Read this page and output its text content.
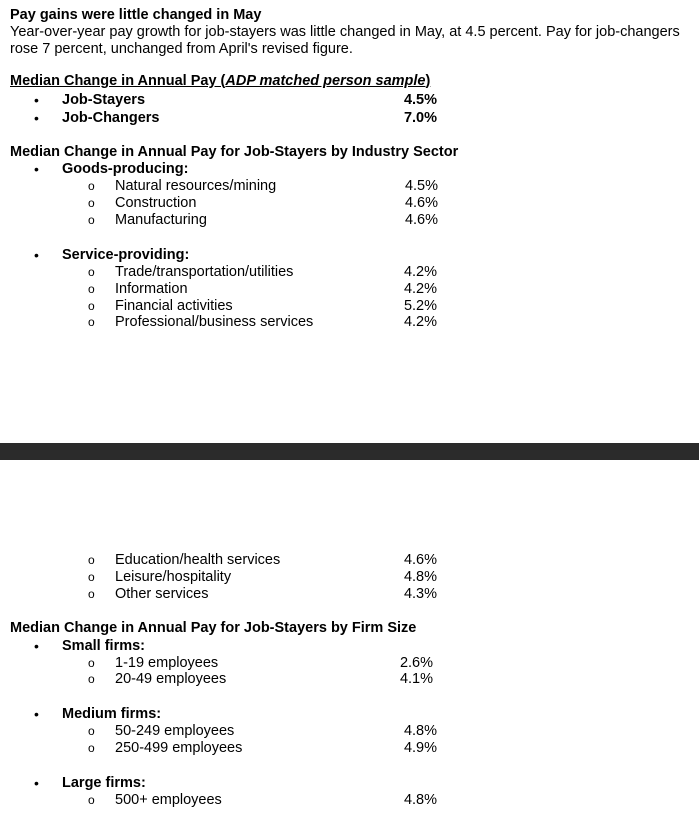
Pay gains were little changed in May
Year-over-year pay growth for job-stayers was little changed in May, at 4.5 percent. Pay for job-changers
rose 7 percent, unchanged from April's revised figure.
Median Change in Annual Pay (ADP matched person sample)
• Job-Stayers	4.5%
• Job-Changers	7.0%
Median Change in Annual Pay for Job-Stayers by Industry Sector
• Goods-producing:
o Natural resources/mining	4.5%
o Construction	4.6%
o Manufacturing	4.6%
• Service-providing:
o Trade/transportation/utilities	4.2%
o Information	4.2%
o Financial activities	5.2%
o Professional/business services	4.2%
o Education/health services	4.6%
o Leisure/hospitality	4.8%
o Other services	4.3%
Median Change in Annual Pay for Job-Stayers by Firm Size
• Small firms:
o 1-19 employees	2.6%
o 20-49 employees	4.1%
• Medium firms:
o 50-249 employees	4.8%
o 250-499 employees	4.9%
• Large firms:
o 500+ employees	4.8%
